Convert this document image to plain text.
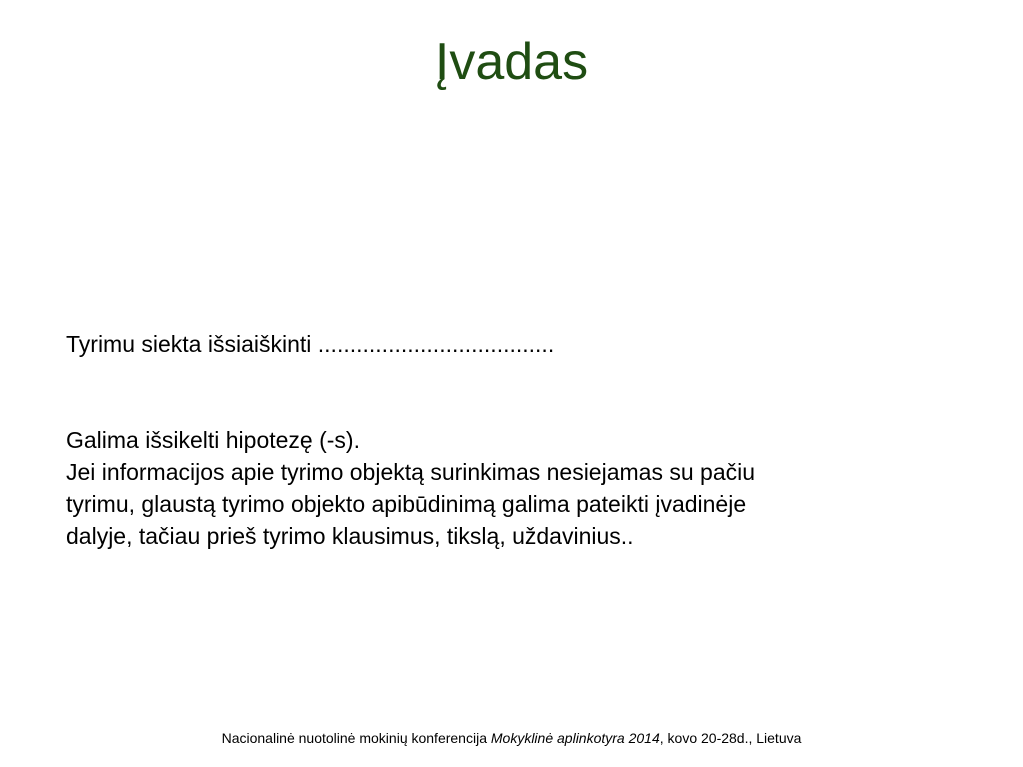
Įvadas

Tyrimu siekta išsiaiškinti .....................................

Galima išsikelti hipotezę (-s).

Jei informacijos apie tyrimo objektą surinkimas nesiejamas su pačiu

tyrimu, glaustą tyrimo objekto apibūdinimą galima pateikti įvadinėje

dalyje, tačiau prieš tyrimo klausimus, tikslą, uždavinius..

Nacionalinė nuotolinė mokinių konferencija Mokyklinė aplinkotyra 2014, kovo 20-28d., Lietuva
